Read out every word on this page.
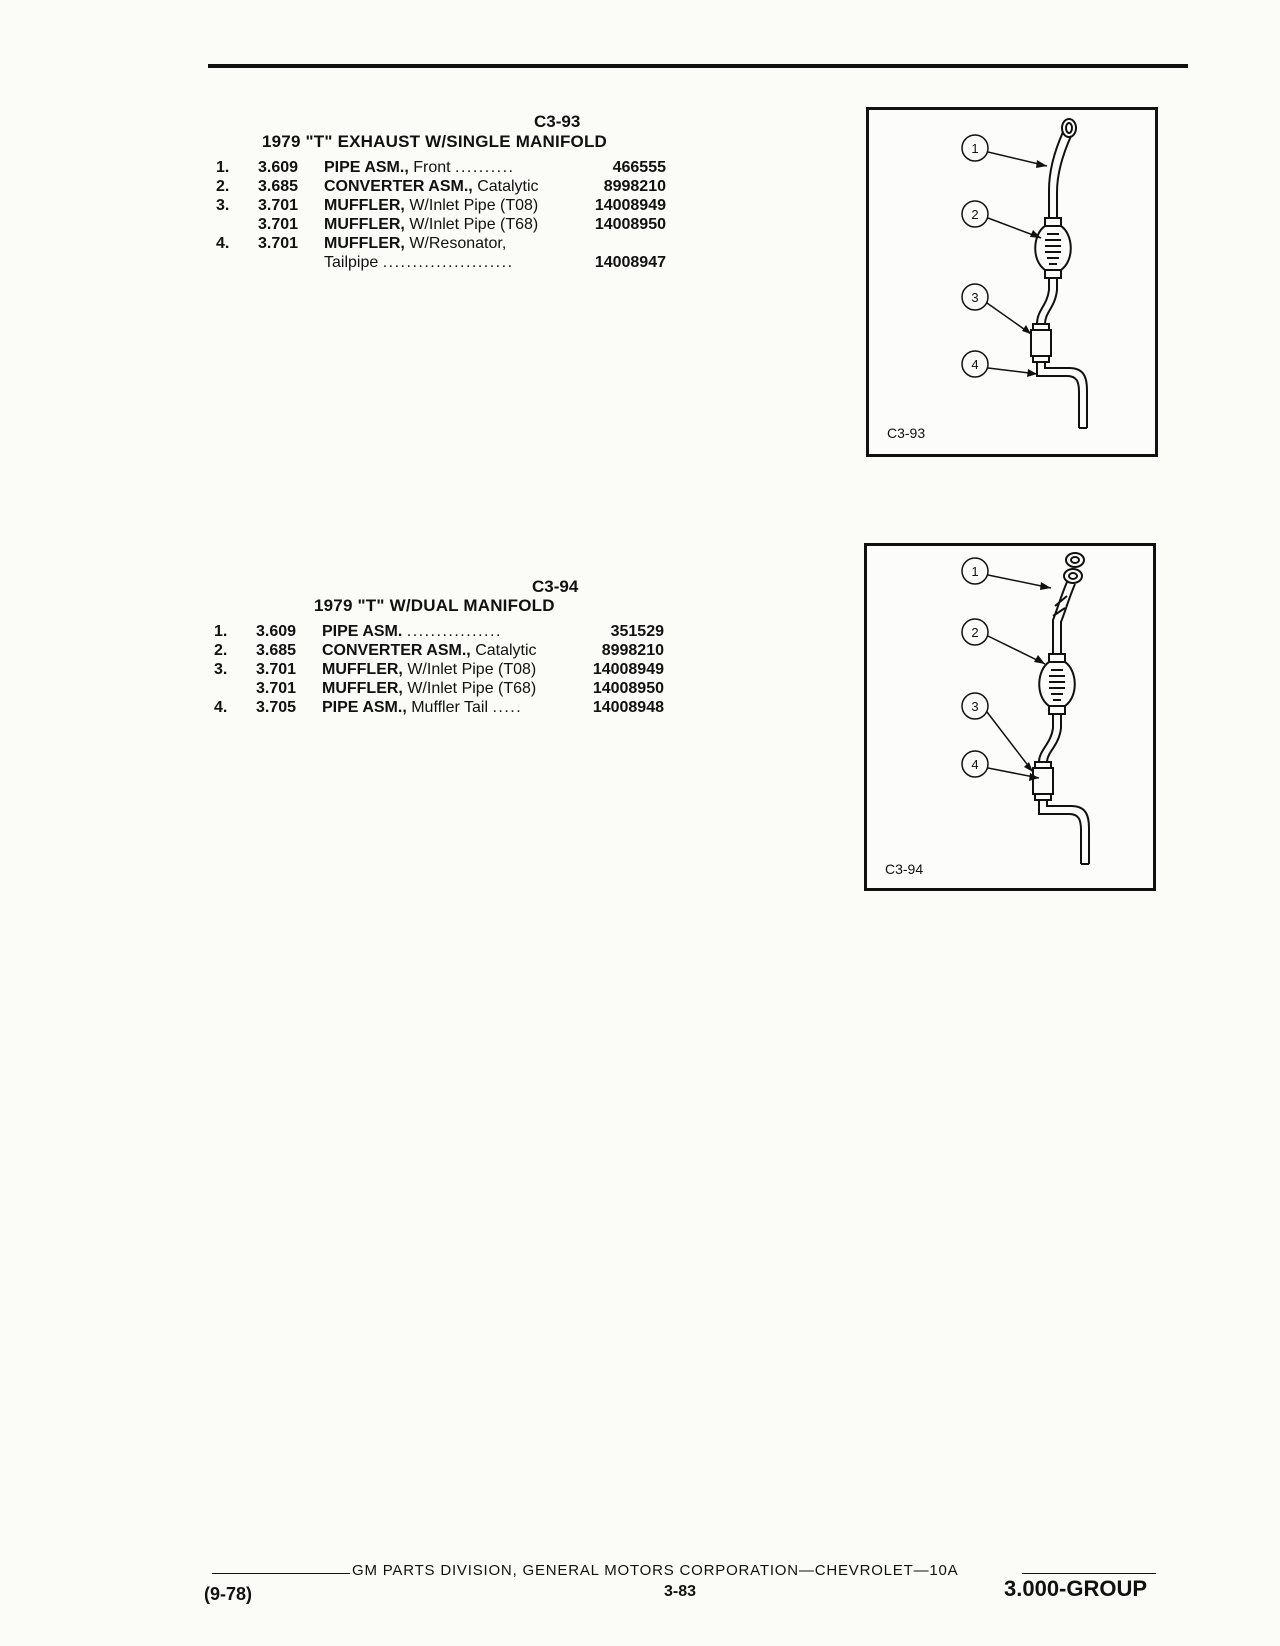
C3-93
1979 "T" EXHAUST W/SINGLE MANIFOLD
1.	3.609	PIPE ASM., Front ..........	466555
2.	3.685	CONVERTER ASM., Catalytic	8998210
3.	3.701	MUFFLER, W/Inlet Pipe (T08)	14008949
3.701	MUFFLER, W/Inlet Pipe (T68)	14008950
4.	3.701	MUFFLER, W/Resonator,
Tailpipe ......................	14008947
1
2
3
4
C3-93
C3-94
1979 "T" W/DUAL MANIFOLD
1.	3.609	PIPE ASM. ................	351529
2.	3.685	CONVERTER ASM., Catalytic	8998210
3.	3.701	MUFFLER, W/Inlet Pipe (T08)	14008949
3.701	MUFFLER, W/Inlet Pipe (T68)	14008950
4.	3.705	PIPE ASM., Muffler Tail .....	14008948
1
2
3
4
C3-94
GM PARTS DIVISION, GENERAL MOTORS CORPORATION—CHEVROLET—10A
(9-78)	3-83	3.000-GROUP
